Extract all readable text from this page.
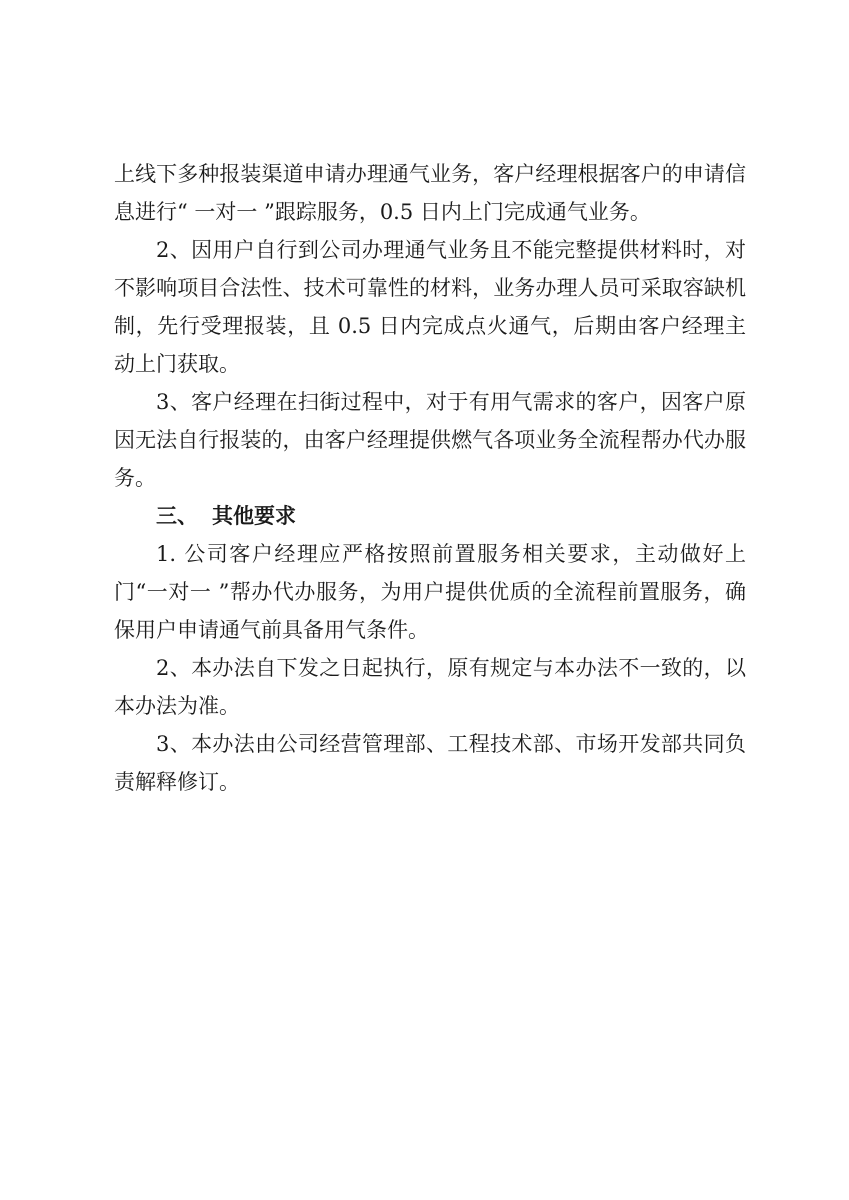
上线下多种报装渠道申请办理通气业务，客户经理根据客户的申请信息进行“ 一对一 ”跟踪服务，0.5 日内上门完成通气业务。

2、因用户自行到公司办理通气业务且不能完整提供材料时，对不影响项目合法性、技术可靠性的材料，业务办理人员可采取容缺机制，先行受理报装，且 0.5 日内完成点火通气，后期由客户经理主动上门获取。

3、客户经理在扫街过程中，对于有用气需求的客户，因客户原因无法自行报装的，由客户经理提供燃气各项业务全流程帮办代办服务。

三、 其他要求

1. 公司客户经理应严格按照前置服务相关要求，主动做好上门“一对一 ”帮办代办服务，为用户提供优质的全流程前置服务，确保用户申请通气前具备用气条件。

2、本办法自下发之日起执行，原有规定与本办法不一致的，以本办法为准。

3、本办法由公司经营管理部、工程技术部、市场开发部共同负责解释修订。
